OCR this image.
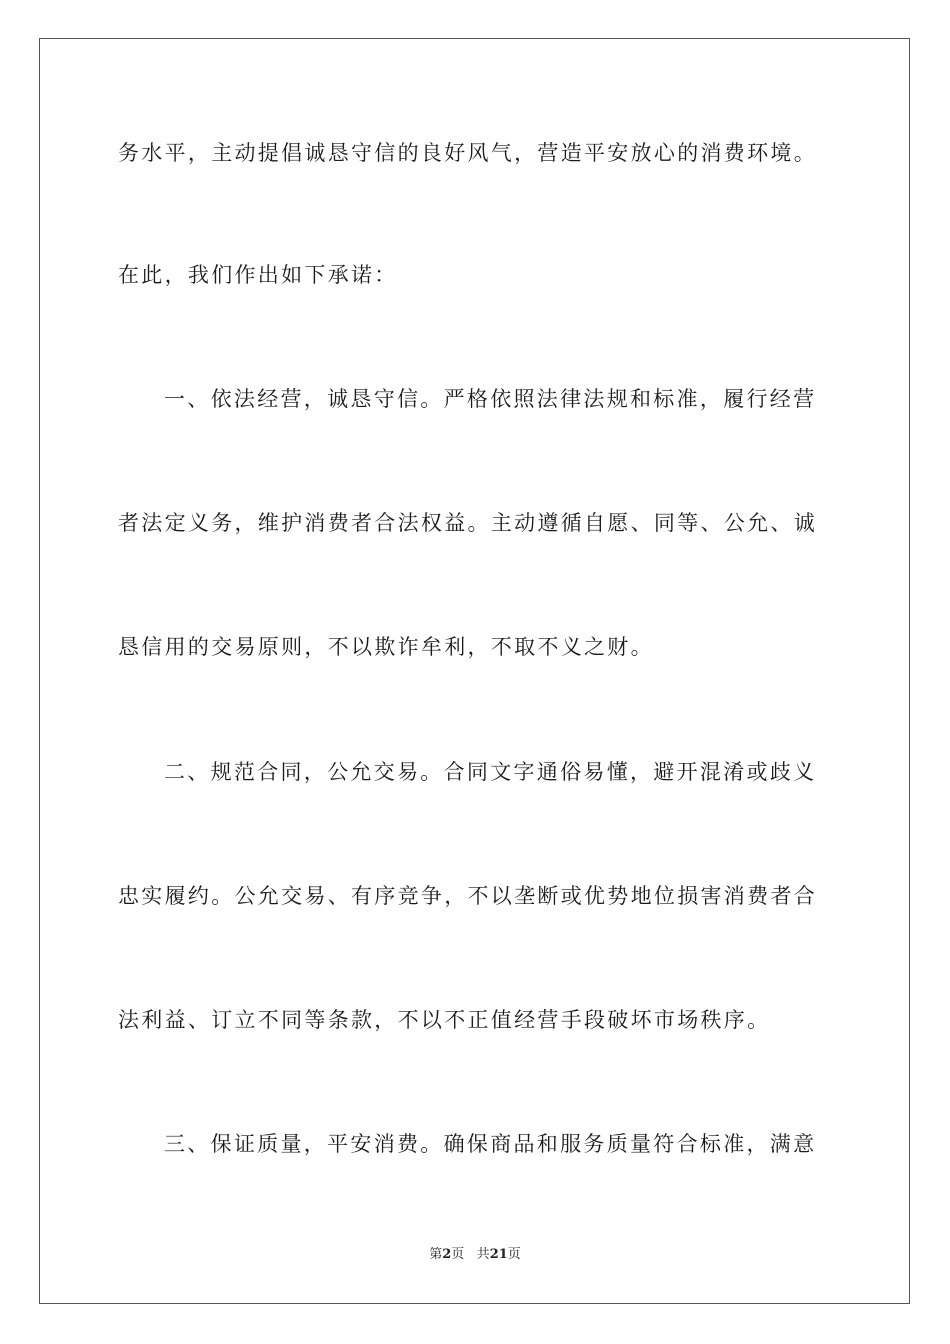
务水平，主动提倡诚恳守信的良好风气，营造平安放心的消费环境。
在此，我们作出如下承诺：
一、依法经营，诚恳守信。严格依照法律法规和标准，履行经营
者法定义务，维护消费者合法权益。主动遵循自愿、同等、公允、诚
恳信用的交易原则，不以欺诈牟利，不取不义之财。
二、规范合同，公允交易。合同文字通俗易懂，避开混淆或歧义
忠实履约。公允交易、有序竞争，不以垄断或优势地位损害消费者合
法利益、订立不同等条款，不以不正值经营手段破坏市场秩序。
三、保证质量，平安消费。确保商品和服务质量符合标准，满意
第2页 共21页
